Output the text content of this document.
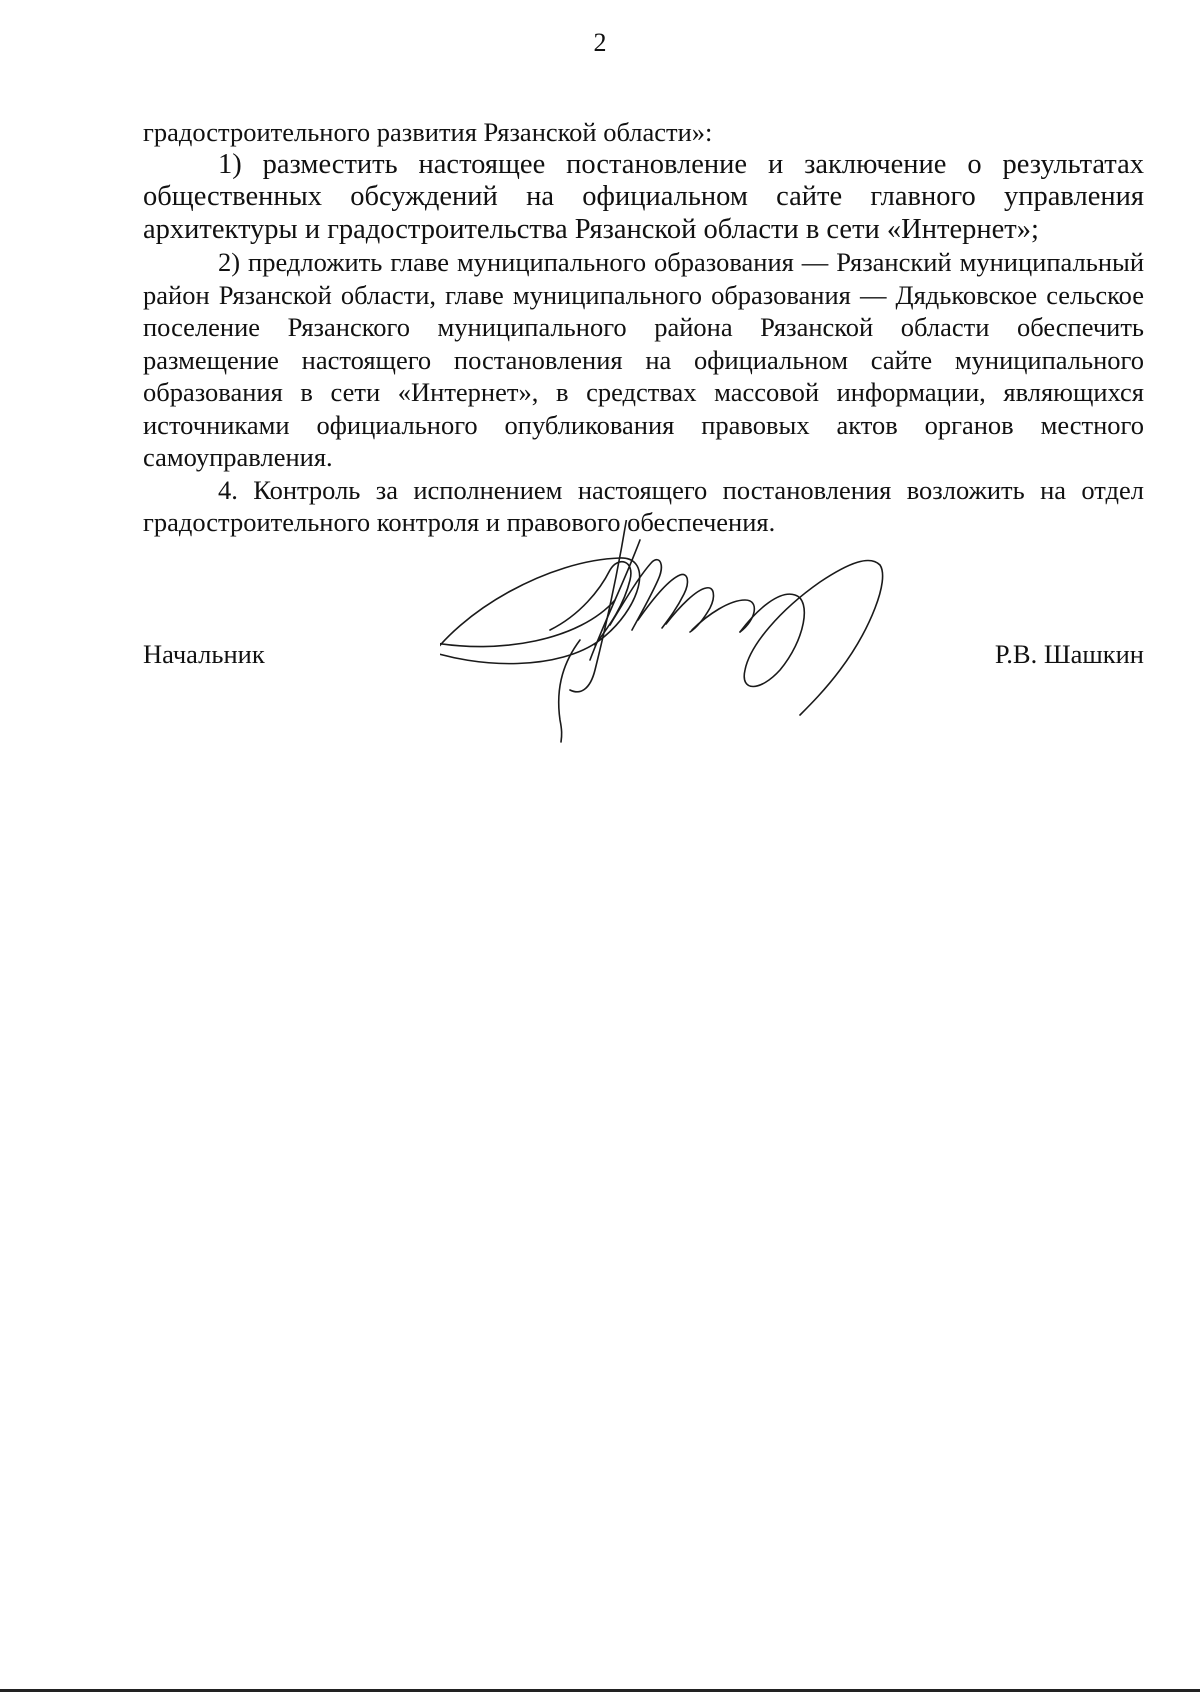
2

градостроительного развития Рязанской области»:

1) разместить настоящее постановление и заключение о результатах общественных обсуждений на официальном сайте главного управления архитектуры и градостроительства Рязанской области в сети «Интернет»;

2) предложить главе муниципального образования — Рязанский муниципальный район Рязанской области, главе муниципального образования — Дядьковское сельское поселение Рязанского муниципального района Рязанской области обеспечить размещение настоящего постановления на официальном сайте муниципального образования в сети «Интернет», в средствах массовой информации, являющихся источниками официального опубликования правовых актов органов местного самоуправления.

4. Контроль за исполнением настоящего постановления возложить на отдел градостроительного контроля и правового обеспечения.

Начальник	Р.В. Шашкин
